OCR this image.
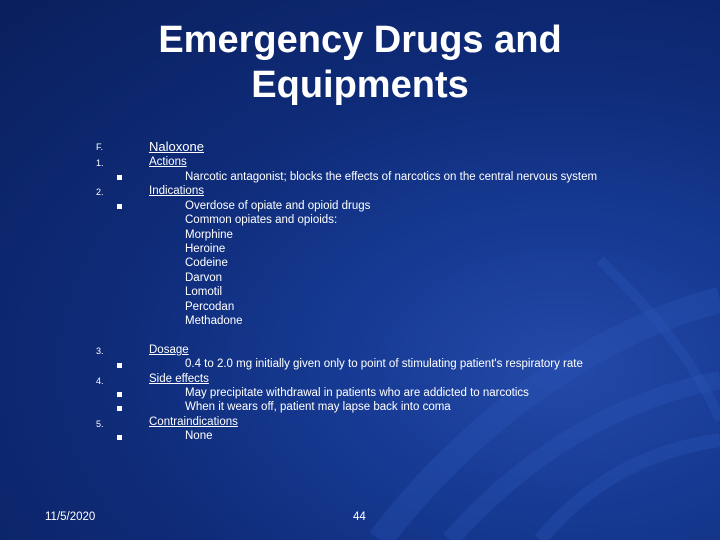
Emergency Drugs and
Equipments
F.	Naloxone
1.	Actions
Narcotic antagonist; blocks the effects of narcotics on the central nervous system
2.	Indications
Overdose of opiate and opioid drugs
Common opiates and opioids:
Morphine
Heroine
Codeine
Darvon
Lomotil
Percodan
Methadone
3.	Dosage
0.4 to 2.0 mg initially given only to point of stimulating patient's respiratory rate
4.	Side effects
May precipitate withdrawal in patients who are addicted to narcotics
When it wears off, patient may lapse back into coma
5.	Contraindications
None
11/5/2020	44
